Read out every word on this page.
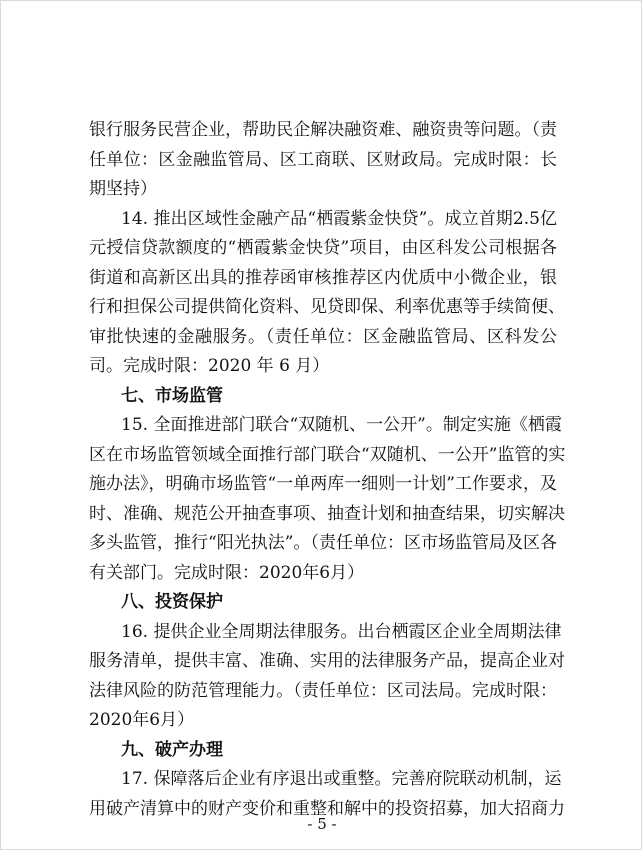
银行服务民营企业，帮助民企解决融资难、融资贵等问题。（责
任单位：区金融监管局、区工商联、区财政局。完成时限：长
期坚持）
14. 推出区域性金融产品“栖霞紫金快贷”。成立首期2.5亿
元授信贷款额度的“栖霞紫金快贷”项目，由区科发公司根据各
街道和高新区出具的推荐函审核推荐区内优质中小微企业，银
行和担保公司提供简化资料、见贷即保、利率优惠等手续简便、
审批快速的金融服务。（责任单位：区金融监管局、区科发公
司。完成时限：2020 年 6 月）
七、市场监管
15. 全面推进部门联合“双随机、一公开”。制定实施《栖霞
区在市场监管领域全面推行部门联合“双随机、一公开”监管的实
施办法》，明确市场监管“一单两库一细则一计划”工作要求，及
时、准确、规范公开抽查事项、抽查计划和抽查结果，切实解决
多头监管，推行“阳光执法”。（责任单位：区市场监管局及区各
有关部门。完成时限：2020年6月）
八、投资保护
16. 提供企业全周期法律服务。出台栖霞区企业全周期法律
服务清单，提供丰富、准确、实用的法律服务产品，提高企业对
法律风险的防范管理能力。（责任单位：区司法局。完成时限：
2020年6月）
九、破产办理
17. 保障落后企业有序退出或重整。完善府院联动机制，运
用破产清算中的财产变价和重整和解中的投资招募，加大招商力
- 5 -
